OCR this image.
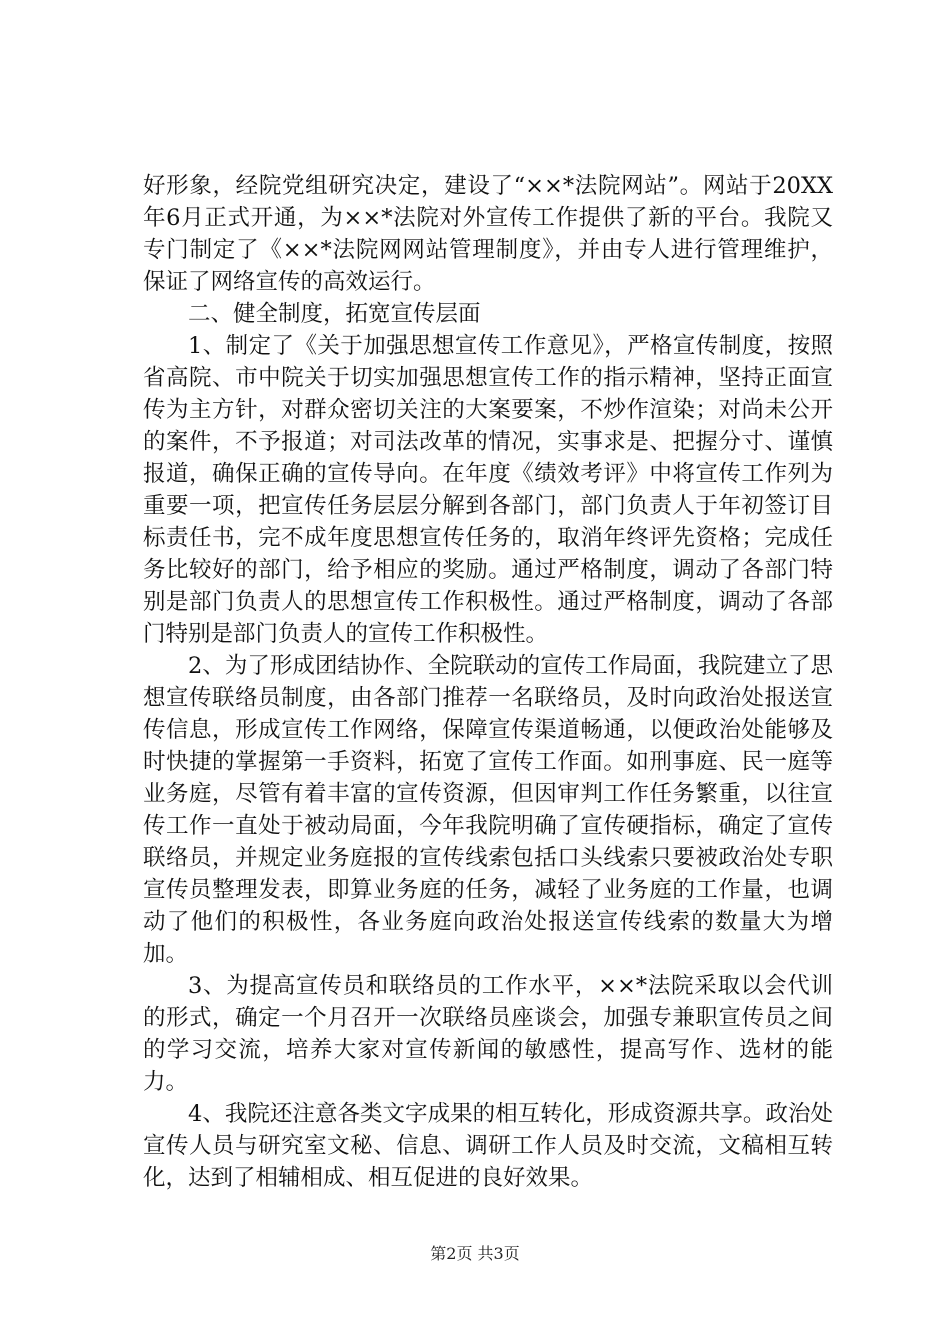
好形象，经院党组研究决定，建设了“××*法院网站”。网站于20XX年6月正式开通，为××*法院对外宣传工作提供了新的平台。我院又专门制定了《××*法院网网站管理制度》，并由专人进行管理维护，保证了网络宣传的高效运行。

二、健全制度，拓宽宣传层面

1、制定了《关于加强思想宣传工作意见》，严格宣传制度，按照省高院、市中院关于切实加强思想宣传工作的指示精神，坚持正面宣传为主方针，对群众密切关注的大案要案，不炒作渲染；对尚未公开的案件，不予报道；对司法改革的情况，实事求是、把握分寸、谨慎报道，确保正确的宣传导向。在年度《绩效考评》中将宣传工作列为重要一项，把宣传任务层层分解到各部门，部门负责人于年初签订目标责任书，完不成年度思想宣传任务的，取消年终评先资格；完成任务比较好的部门，给予相应的奖励。通过严格制度，调动了各部门特别是部门负责人的思想宣传工作积极性。通过严格制度，调动了各部门特别是部门负责人的宣传工作积极性。

2、为了形成团结协作、全院联动的宣传工作局面，我院建立了思想宣传联络员制度，由各部门推荐一名联络员，及时向政治处报送宣传信息，形成宣传工作网络，保障宣传渠道畅通，以便政治处能够及时快捷的掌握第一手资料，拓宽了宣传工作面。如刑事庭、民一庭等业务庭，尽管有着丰富的宣传资源，但因审判工作任务繁重，以往宣传工作一直处于被动局面，今年我院明确了宣传硬指标，确定了宣传联络员，并规定业务庭报的宣传线索包括口头线索只要被政治处专职宣传员整理发表，即算业务庭的任务，减轻了业务庭的工作量，也调动了他们的积极性，各业务庭向政治处报送宣传线索的数量大为增加。

3、为提高宣传员和联络员的工作水平，××*法院采取以会代训的形式，确定一个月召开一次联络员座谈会，加强专兼职宣传员之间的学习交流，培养大家对宣传新闻的敏感性，提高写作、选材的能力。

4、我院还注意各类文字成果的相互转化，形成资源共享。政治处宣传人员与研究室文秘、信息、调研工作人员及时交流，文稿相互转化，达到了相辅相成、相互促进的良好效果。

第2页 共3页
